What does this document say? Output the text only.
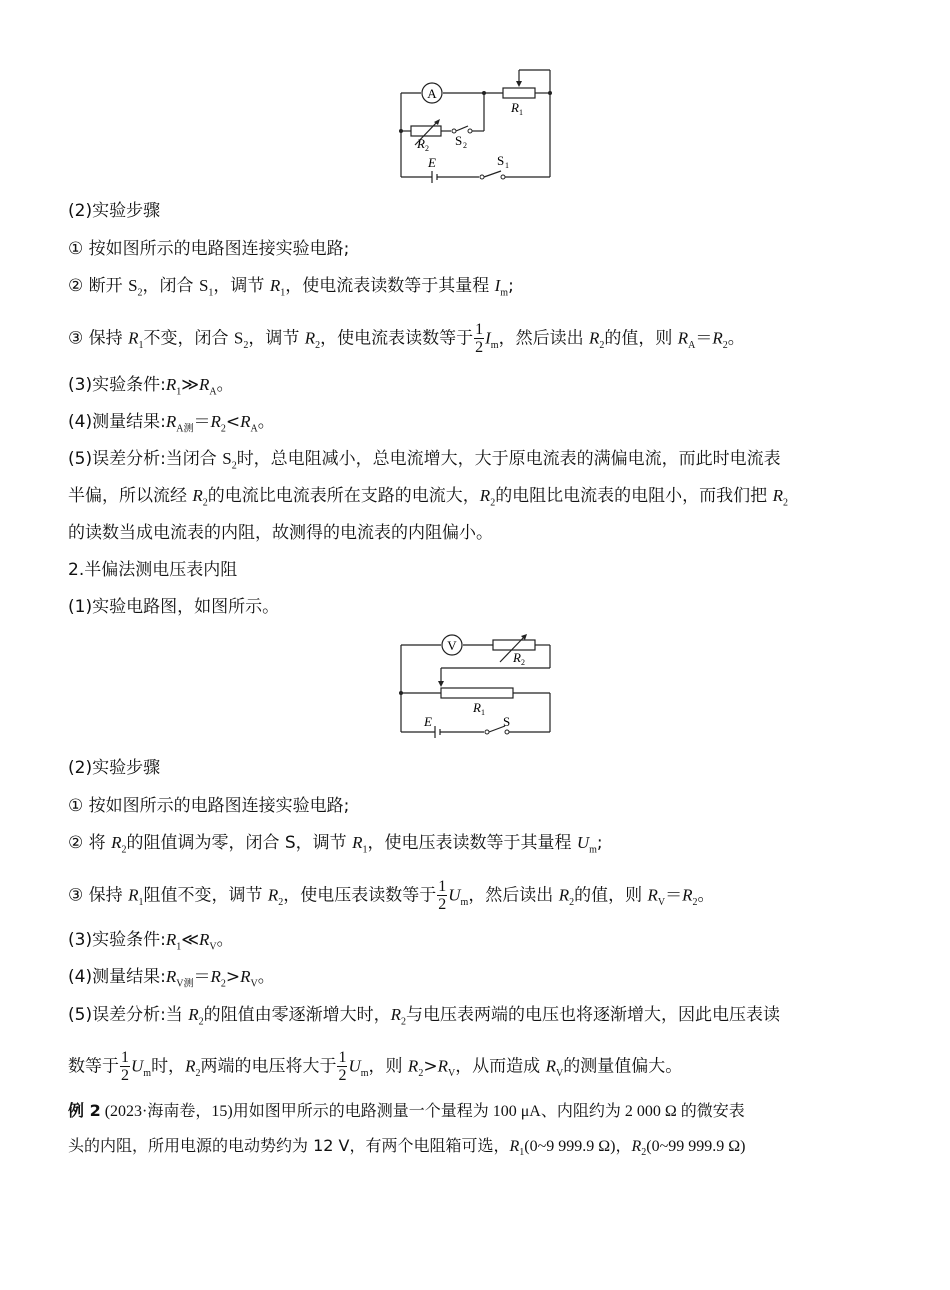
A
R 1
R 2
S 2
E	S 1
(2)实验步骤
① 按如图所示的电路图连接实验电路;
② 断开 $S_2$，闭合 $S_1$，调节 $R_1$，使电流表读数等于其量程 $I_m$;
③ 保持 $R_1$不变，闭合 $S_2$，调节 $R_2$，使电流表读数等于 $\frac{1}{2} I_m$，然后读出 $R_2$的值，则 $R_A=R_2$。
(3)实验条件$:R_1≫R_A$。
(4)测量结果$:R_{A测}=R_2<R_A$。
(5)误差分析:当闭合 $S_2$时，总电阻减小，总电流增大，大于原电流表的满偏电流，而此时电流表
半偏，所以流经 $R_2$的电流比电流表所在支路的电流大，$R_2$的电阻比电流表的电阻小，而我们把 $R_2$
的读数当成电流表的内阻，故测得的电流表的内阻偏小。
2.半偏法测电压表内阻
(1)实验电路图，如图所示。
V
R 2
R 1
E	S
(2)实验步骤
① 按如图所示的电路图连接实验电路;
② 将 $R_2$的阻值调为零，闭合 S，调节 $R_1$，使电压表读数等于其量程 $U_m$;
③ 保持 $R_1$阻值不变，调节 $R_2$，使电压表读数等于 $\frac{1}{2} U_m$，然后读出 $R_2$的值，则 $R_V=R_2$。
(3)实验条件$:R_1≪R_V$。
(4)测量结果$:R_{V测}=R_2>R_V$。
(5)误差分析:当 $R_2$的阻值由零逐渐增大时，$R_2$与电压表两端的电压也将逐渐增大，因此电压表读
数等于 $\frac{1}{2} U_m$时，$R_2$两端的电压将大于 $\frac{1}{2} U_m$，则 $R_2>R_V$，从而造成 $R_V$的测量值偏大。
例 2 (2023·海南卷，15)用如图甲所示的电路测量一个量程为 100 μA、内阻约为 2 000 Ω 的微安表
头的内阻，所用电源的电动势约为 12 V，有两个电阻箱可选，$R_1(0\sim 9$ 999.9 Ω)，$R_2(0\sim 99$ 999.9 Ω)
